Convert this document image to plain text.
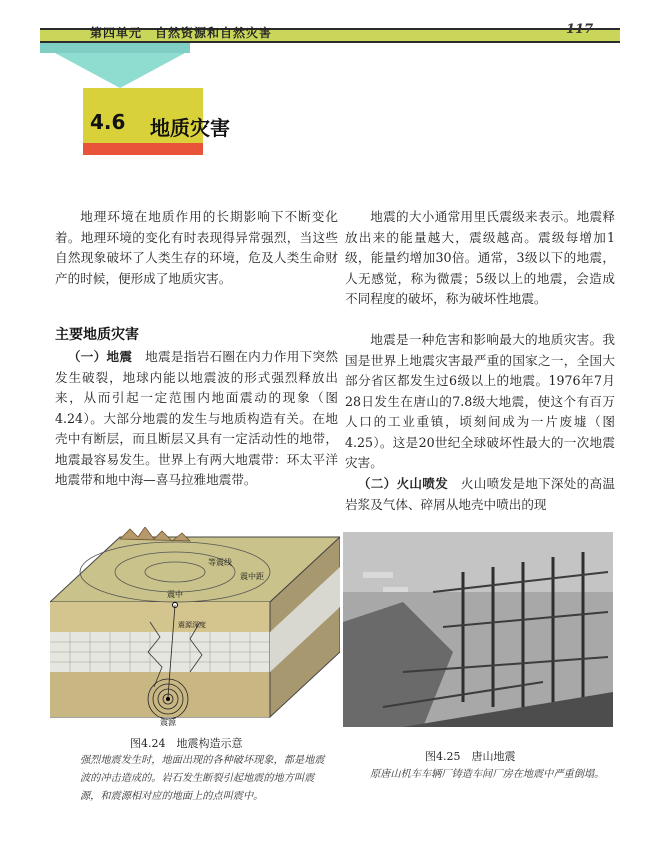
第四单元　自然资源和自然灾害	117
4.6 地质灾害
地理环境在地质作用的长期影响下不断变化着。地理环境的变化有时表现得异常强烈，当这些自然现象破坏了人类生存的环境，危及人类生命财产的时候，便形成了地质灾害。
主要地质灾害
（一）地震　 地震是指岩石圈在内力作用下突然发生破裂，地球内能以地震波的形式强烈释放出来，从而引起一定范围内地面震动的现象（图4.24）。大部分地震的发生与地质构造有关。在地壳中有断层，而且断层又具有一定活动性的地带，地震最容易发生。世界上有两大地震带：环太平洋地震带和地中海—喜马拉雅地震带。
地震的大小通常用里氏震级来表示。地震释放出来的能量越大，震级越高。震级每增加1级，能量约增加30倍。通常，3级以下的地震，人无感觉，称为微震；5级以上的地震，会造成不同程度的破坏，称为破坏性地震。
地震是一种危害和影响最大的地质灾害。我国是世界上地震灾害最严重的国家之一，全国大部分省区都发生过6级以上的地震。1976年7月28日发生在唐山的7.8级大地震，使这个有百万人口的工业重镇，顷刻间成为一片废墟（图4.25）。这是20世纪全球破坏性最大的一次地震灾害。
（二）火山喷发　 火山喷发是地下深处的高温岩浆及气体、碎屑从地壳中喷出的现
等震线
震中距
震中
震源深度
震源
图4.24　地震构造示意
强烈地震发生时，地面出现的各种破坏现象，都是地震波的冲击造成的。岩石发生断裂引起地震的地方叫震源，和震源相对应的地面上的点叫震中。
图4.25　唐山地震
原唐山机车车辆厂铸造车间厂房在地震中严重倒塌。
